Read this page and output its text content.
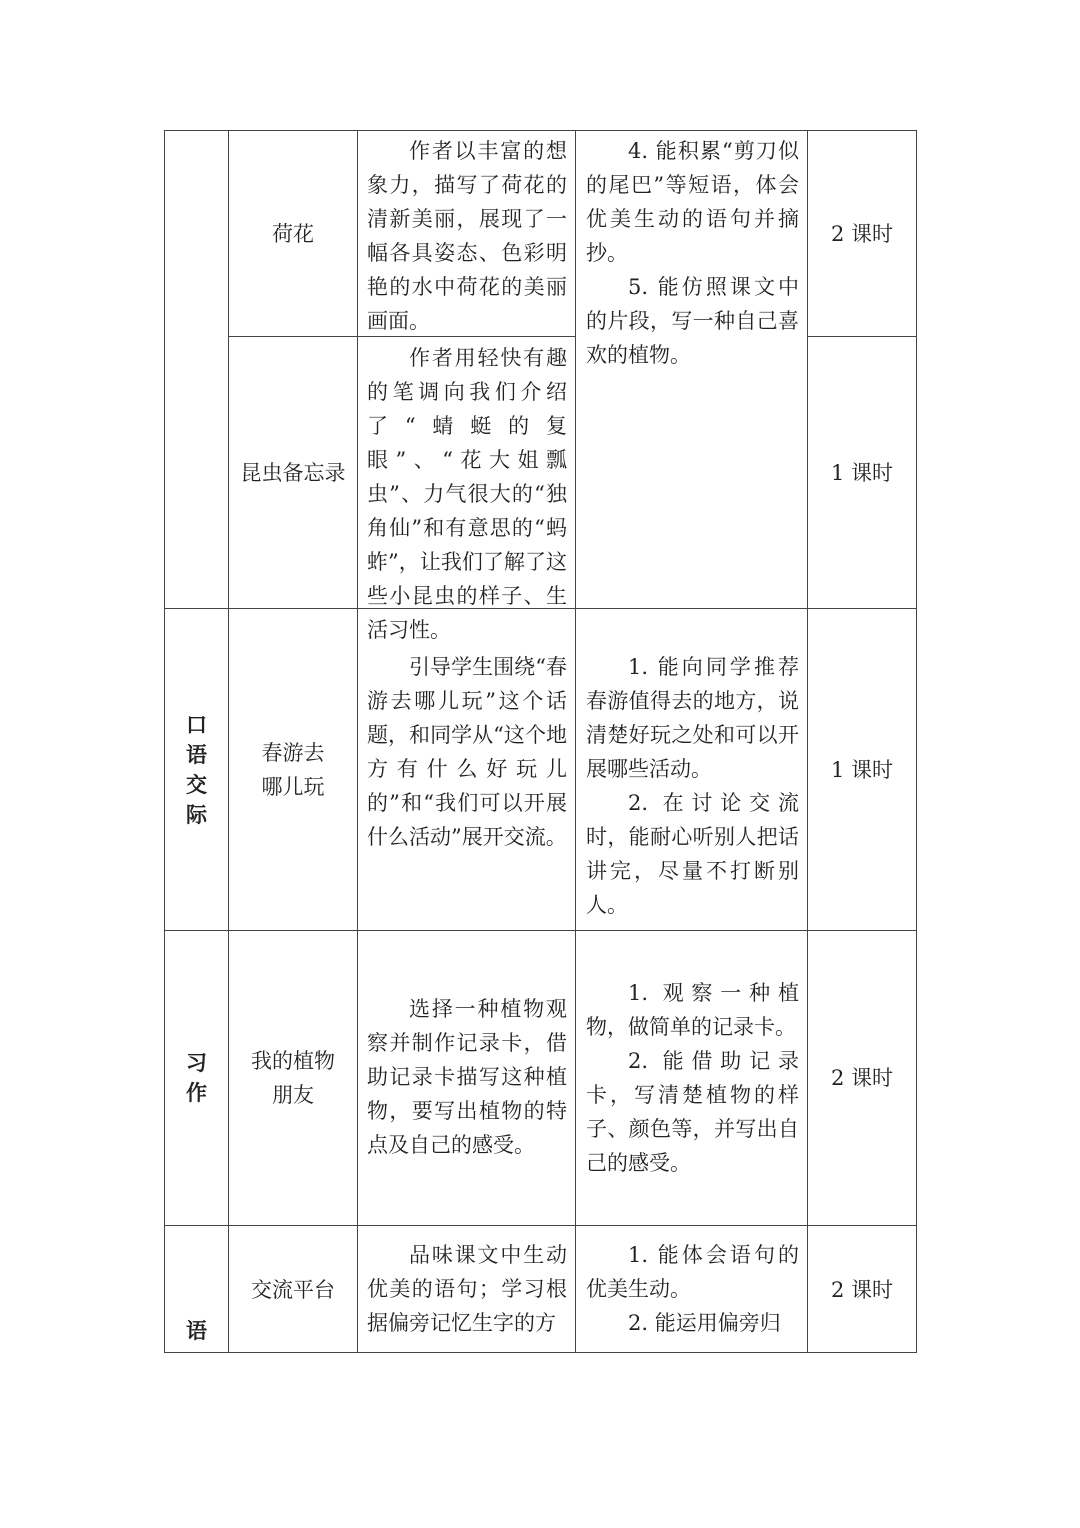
荷花

作者以丰富的想象力，描写了荷花的清新美丽，展现了一幅各具姿态、色彩明艳的水中荷花的美丽画面。

4. 能积累“剪刀似的尾巴”等短语，体会优美生动的语句并摘抄。

5. 能仿照课文中的片段，写一种自己喜欢的植物。

2 课时
昆虫备忘录

作者用轻快有趣的笔调向我们介绍了“蜻蜓的复眼”、“花大姐瓢虫”、力气很大的“独角仙”和有意思的“蚂蚱”，让我们了解了这些小昆虫的样子、生活习性。

1 课时
口语交际
春游去哪儿玩

引导学生围绕“春游去哪儿玩”这个话题，和同学从“这个地方有什么好玩儿的”和“我们可以开展什么活动”展开交流。

1. 能向同学推荐春游值得去的地方，说清楚好玩之处和可以开展哪些活动。

2. 在讨论交流时，能耐心听别人把话讲完，尽量不打断别人。

1 课时
习作
我的植物朋友

选择一种植物观察并制作记录卡，借助记录卡描写这种植物，要写出植物的特点及自己的感受。

1. 观察一种植物，做简单的记录卡。

2. 能借助记录卡，写清楚植物的样子、颜色等，并写出自己的感受。

2 课时
语
交流平台

品味课文中生动优美的语句；学习根据偏旁记忆生字的方

1. 能体会语句的优美生动。

2. 能运用偏旁归

2 课时
